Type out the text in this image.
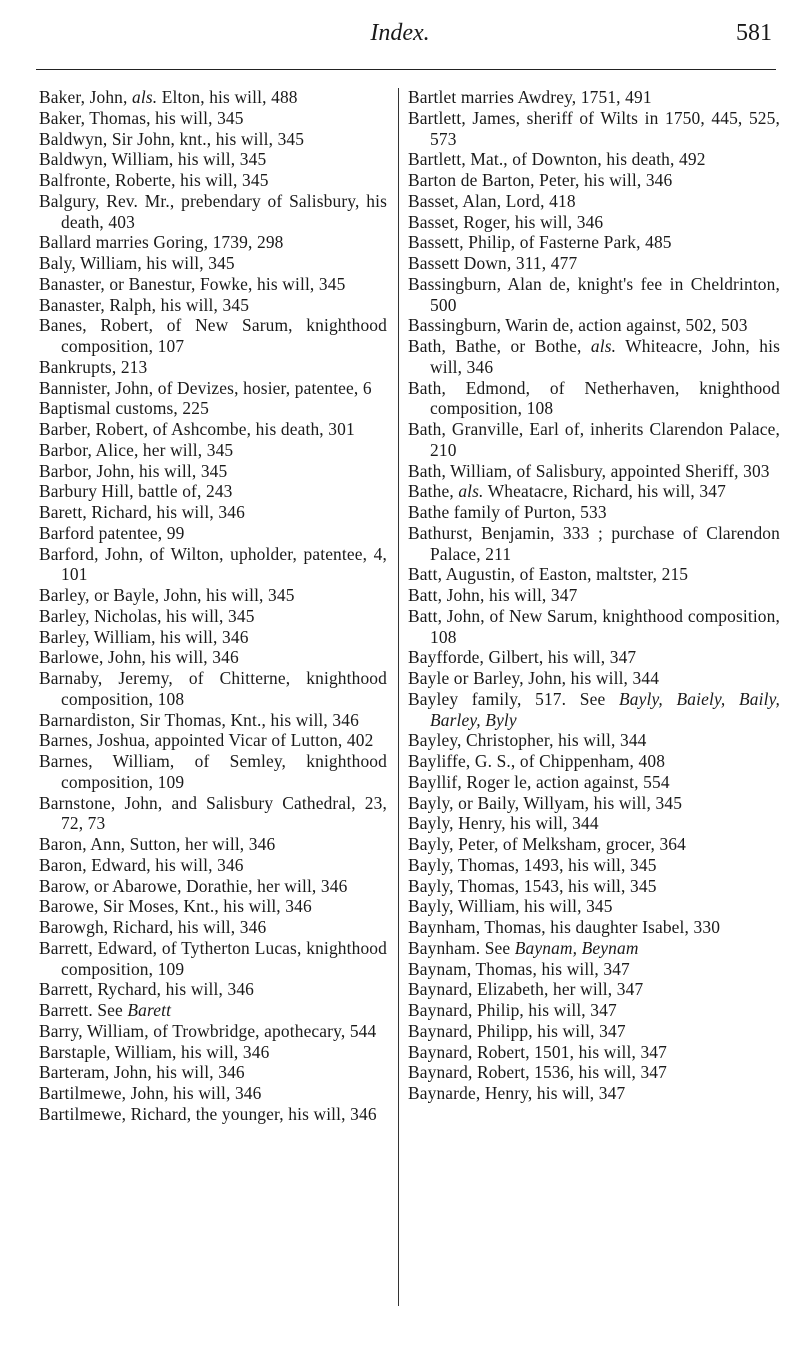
Index.	581
Baker, John, als. Elton, his will, 488
Baker, Thomas, his will, 345
Baldwyn, Sir John, knt., his will, 345
Baldwyn, William, his will, 345
Balfronte, Roberte, his will, 345
Balgury, Rev. Mr., prebendary of Salisbury, his death, 403
Ballard marries Goring, 1739, 298
Baly, William, his will, 345
Banaster, or Banestur, Fowke, his will, 345
Banaster, Ralph, his will, 345
Banes, Robert, of New Sarum, knighthood composition, 107
Bankrupts, 213
Bannister, John, of Devizes, hosier, patentee, 6
Baptismal customs, 225
Barber, Robert, of Ashcombe, his death, 301
Barbor, Alice, her will, 345
Barbor, John, his will, 345
Barbury Hill, battle of, 243
Barett, Richard, his will, 346
Barford patentee, 99
Barford, John, of Wilton, upholder, patentee, 4, 101
Barley, or Bayle, John, his will, 345
Barley, Nicholas, his will, 345
Barley, William, his will, 346
Barlowe, John, his will, 346
Barnaby, Jeremy, of Chitterne, knighthood composition, 108
Barnardiston, Sir Thomas, Knt., his will, 346
Barnes, Joshua, appointed Vicar of Lutton, 402
Barnes, William, of Semley, knighthood composition, 109
Barnstone, John, and Salisbury Cathedral, 23, 72, 73
Baron, Ann, Sutton, her will, 346
Baron, Edward, his will, 346
Barow, or Abarowe, Dorathie, her will, 346
Barowe, Sir Moses, Knt., his will, 346
Barowgh, Richard, his will, 346
Barrett, Edward, of Tytherton Lucas, knighthood composition, 109
Barrett, Rychard, his will, 346
Barrett. See Barett
Barry, William, of Trowbridge, apothecary, 544
Barstaple, William, his will, 346
Barteram, John, his will, 346
Bartilmewe, John, his will, 346
Bartilmewe, Richard, the younger, his will, 346
Bartlet marries Awdrey, 1751, 491
Bartlett, James, sheriff of Wilts in 1750, 445, 525, 573
Bartlett, Mat., of Downton, his death, 492
Barton de Barton, Peter, his will, 346
Basset, Alan, Lord, 418
Basset, Roger, his will, 346
Bassett, Philip, of Fasterne Park, 485
Bassett Down, 311, 477
Bassingburn, Alan de, knight's fee in Cheldrinton, 500
Bassingburn, Warin de, action against, 502, 503
Bath, Bathe, or Bothe, als. Whiteacre, John, his will, 346
Bath, Edmond, of Netherhaven, knighthood composition, 108
Bath, Granville, Earl of, inherits Clarendon Palace, 210
Bath, William, of Salisbury, appointed Sheriff, 303
Bathe, als. Wheatacre, Richard, his will, 347
Bathe family of Purton, 533
Bathurst, Benjamin, 333 ; purchase of Clarendon Palace, 211
Batt, Augustin, of Easton, maltster, 215
Batt, John, his will, 347
Batt, John, of New Sarum, knighthood composition, 108
Bayfforde, Gilbert, his will, 347
Bayle or Barley, John, his will, 344
Bayley family, 517. See Bayly, Baiely, Baily, Barley, Byly
Bayley, Christopher, his will, 344
Bayliffe, G. S., of Chippenham, 408
Bayllif, Roger le, action against, 554
Bayly, or Baily, Willyam, his will, 345
Bayly, Henry, his will, 344
Bayly, Peter, of Melksham, grocer, 364
Bayly, Thomas, 1493, his will, 345
Bayly, Thomas, 1543, his will, 345
Bayly, William, his will, 345
Baynham, Thomas, his daughter Isabel, 330
Baynham. See Baynam, Beynam
Baynam, Thomas, his will, 347
Baynard, Elizabeth, her will, 347
Baynard, Philip, his will, 347
Baynard, Philipp, his will, 347
Baynard, Robert, 1501, his will, 347
Baynard, Robert, 1536, his will, 347
Baynarde, Henry, his will, 347
